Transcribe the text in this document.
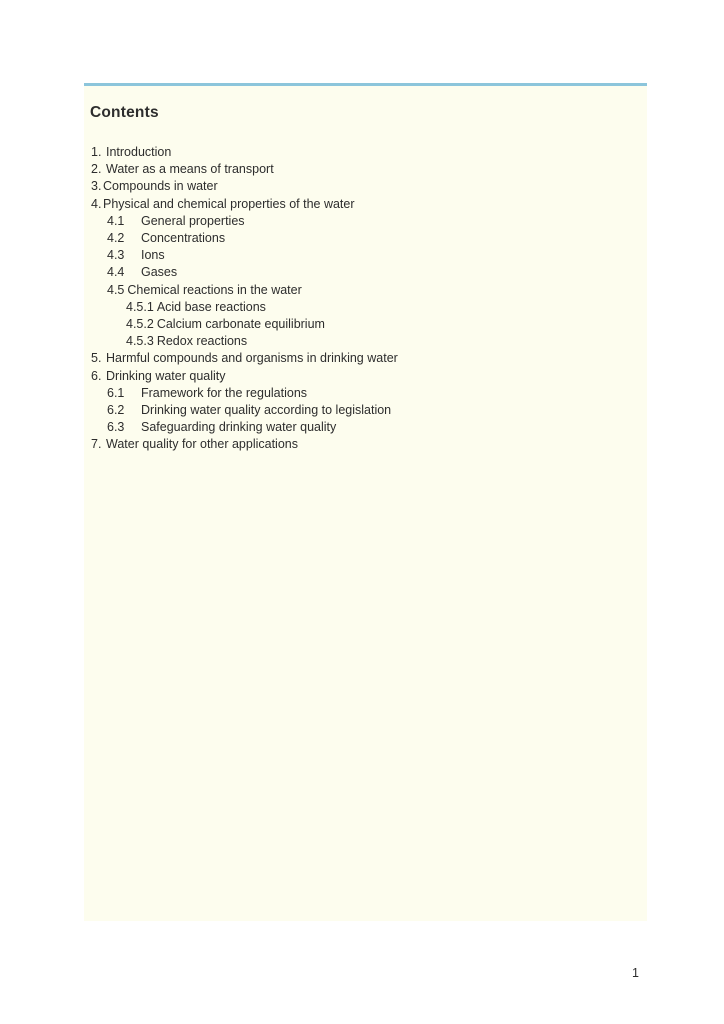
Contents
1. Introduction
2. Water as a means of transport
3. Compounds in water
4. Physical and chemical properties of the water
4.1 General properties
4.2 Concentrations
4.3 Ions
4.4 Gases
4.5 Chemical reactions in the water
4.5.1 Acid base reactions
4.5.2 Calcium carbonate equilibrium
4.5.3 Redox reactions
5. Harmful compounds and organisms in drinking water
6. Drinking water quality
6.1 Framework for the regulations
6.2 Drinking water quality according to legislation
6.3 Safeguarding drinking water quality
7. Water quality for other applications
1
